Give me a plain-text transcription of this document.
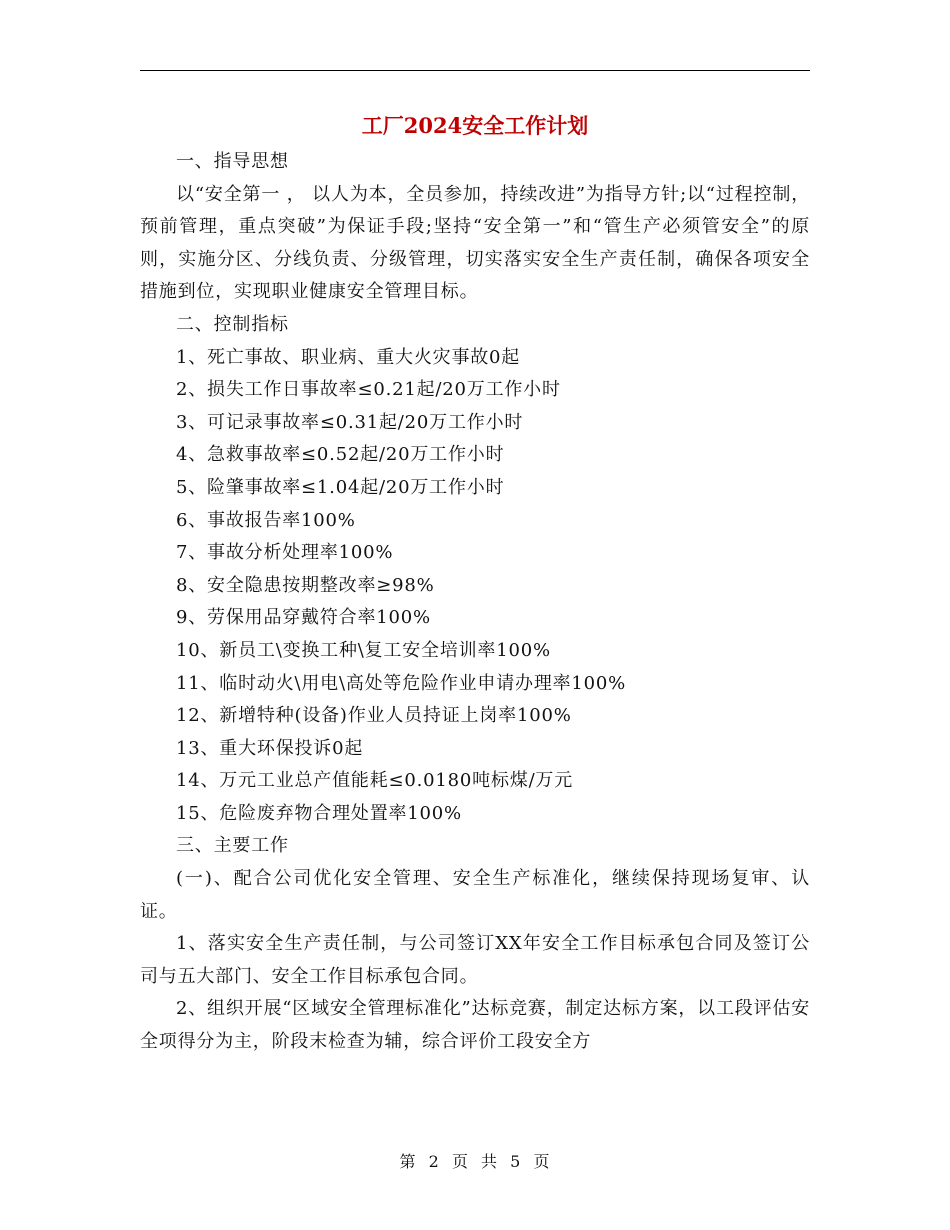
工厂2024安全工作计划

一、指导思想

以“安全第一 ， 以人为本，全员参加，持续改进”为指导方针;以“过程控制，预前管理，重点突破”为保证手段;坚持“安全第一”和“管生产必须管安全”的原则，实施分区、分线负责、分级管理，切实落实安全生产责任制，确保各项安全措施到位，实现职业健康安全管理目标。

二、控制指标

1、死亡事故、职业病、重大火灾事故0起

2、损失工作日事故率≤0.21起/20万工作小时

3、可记录事故率≤0.31起/20万工作小时

4、急救事故率≤0.52起/20万工作小时

5、险肇事故率≤1.04起/20万工作小时

6、事故报告率100%

7、事故分析处理率100%

8、安全隐患按期整改率≥98%

9、劳保用品穿戴符合率100%

10、新员工\变换工种\复工安全培训率100%

11、临时动火\用电\高处等危险作业申请办理率100%

12、新增特种(设备)作业人员持证上岗率100%

13、重大环保投诉0起

14、万元工业总产值能耗≤0.0180吨标煤/万元

15、危险废弃物合理处置率100%

三、主要工作

(一)、配合公司优化安全管理、安全生产标准化，继续保持现场复审、认证。

1、落实安全生产责任制，与公司签订XX年安全工作目标承包合同及签订公司与五大部门、安全工作目标承包合同。

2、组织开展“区域安全管理标准化”达标竞赛，制定达标方案，以工段评估安全项得分为主，阶段末检查为辅，综合评价工段安全方

第 2 页 共 5 页
